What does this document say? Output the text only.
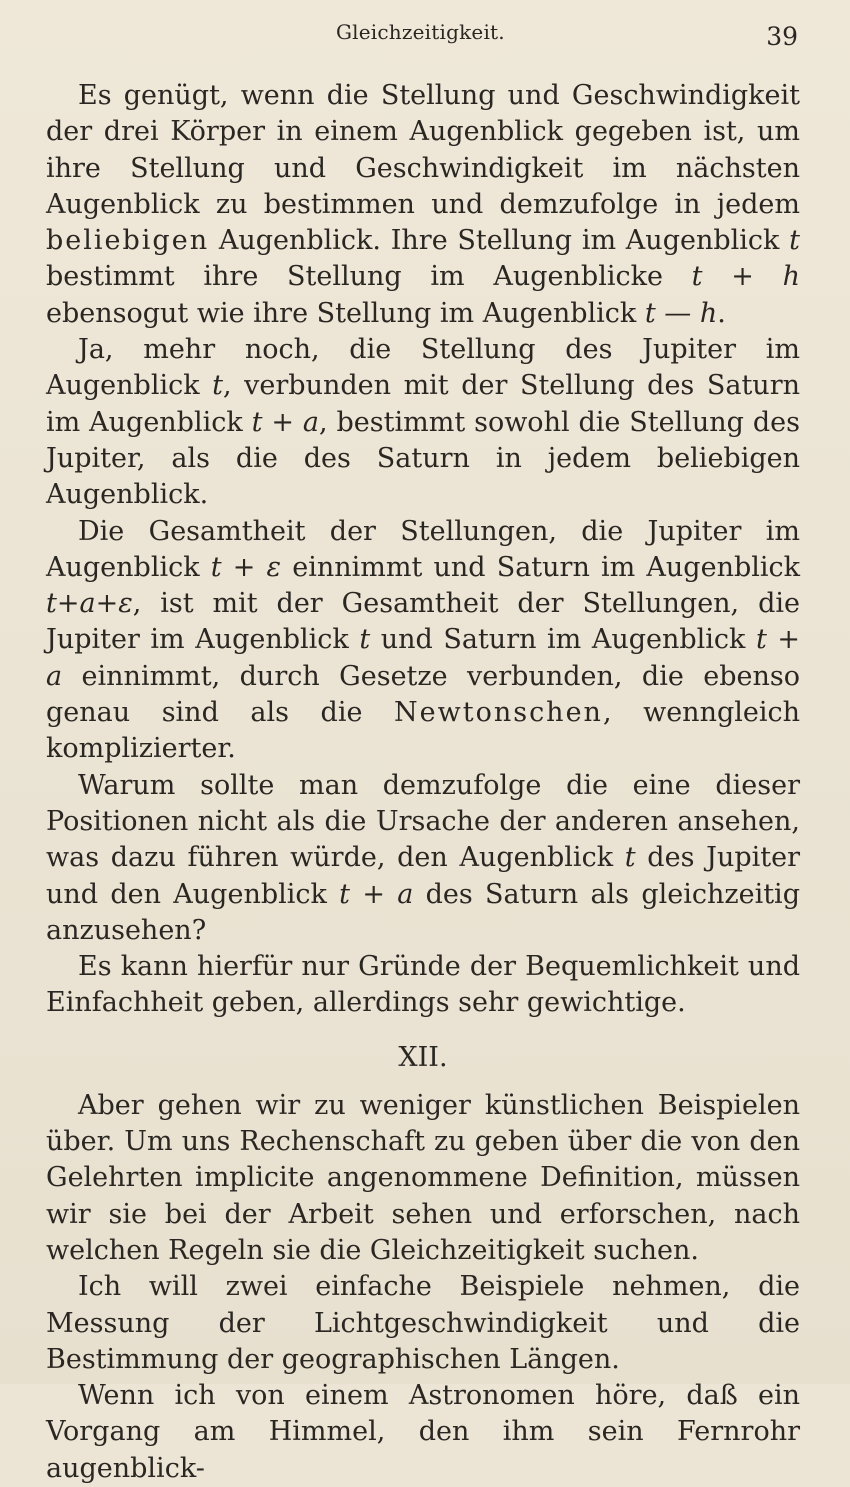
Gleichzeitigkeit.	39

Es genügt, wenn die Stellung und Geschwindigkeit der drei Körper in einem Augenblick gegeben ist, um ihre Stellung und Geschwindigkeit im nächsten Augenblick zu bestimmen und demzufolge in jedem beliebigen Augenblick. Ihre Stellung im Augenblick t bestimmt ihre Stellung im Augenblicke t + h ebensogut wie ihre Stellung im Augenblick t — h.

Ja, mehr noch, die Stellung des Jupiter im Augenblick t, verbunden mit der Stellung des Saturn im Augenblick t + a, bestimmt sowohl die Stellung des Jupiter, als die des Saturn in jedem beliebigen Augenblick.

Die Gesamtheit der Stellungen, die Jupiter im Augenblick t + ε einnimmt und Saturn im Augenblick t+a+ε, ist mit der Gesamtheit der Stellungen, die Jupiter im Augenblick t und Saturn im Augenblick t + a einnimmt, durch Gesetze verbunden, die ebenso genau sind als die Newtonschen, wenngleich komplizierter.

Warum sollte man demzufolge die eine dieser Positionen nicht als die Ursache der anderen ansehen, was dazu führen würde, den Augenblick t des Jupiter und den Augenblick t + a des Saturn als gleichzeitig anzusehen?

Es kann hierfür nur Gründe der Bequemlichkeit und Einfachheit geben, allerdings sehr gewichtige.

XII.

Aber gehen wir zu weniger künstlichen Beispielen über. Um uns Rechenschaft zu geben über die von den Gelehrten implicite angenommene Definition, müssen wir sie bei der Arbeit sehen und erforschen, nach welchen Regeln sie die Gleichzeitigkeit suchen.

Ich will zwei einfache Beispiele nehmen, die Messung der Lichtgeschwindigkeit und die Bestimmung der geographischen Längen.

Wenn ich von einem Astronomen höre, daß ein Vorgang am Himmel, den ihm sein Fernrohr augenblick-
